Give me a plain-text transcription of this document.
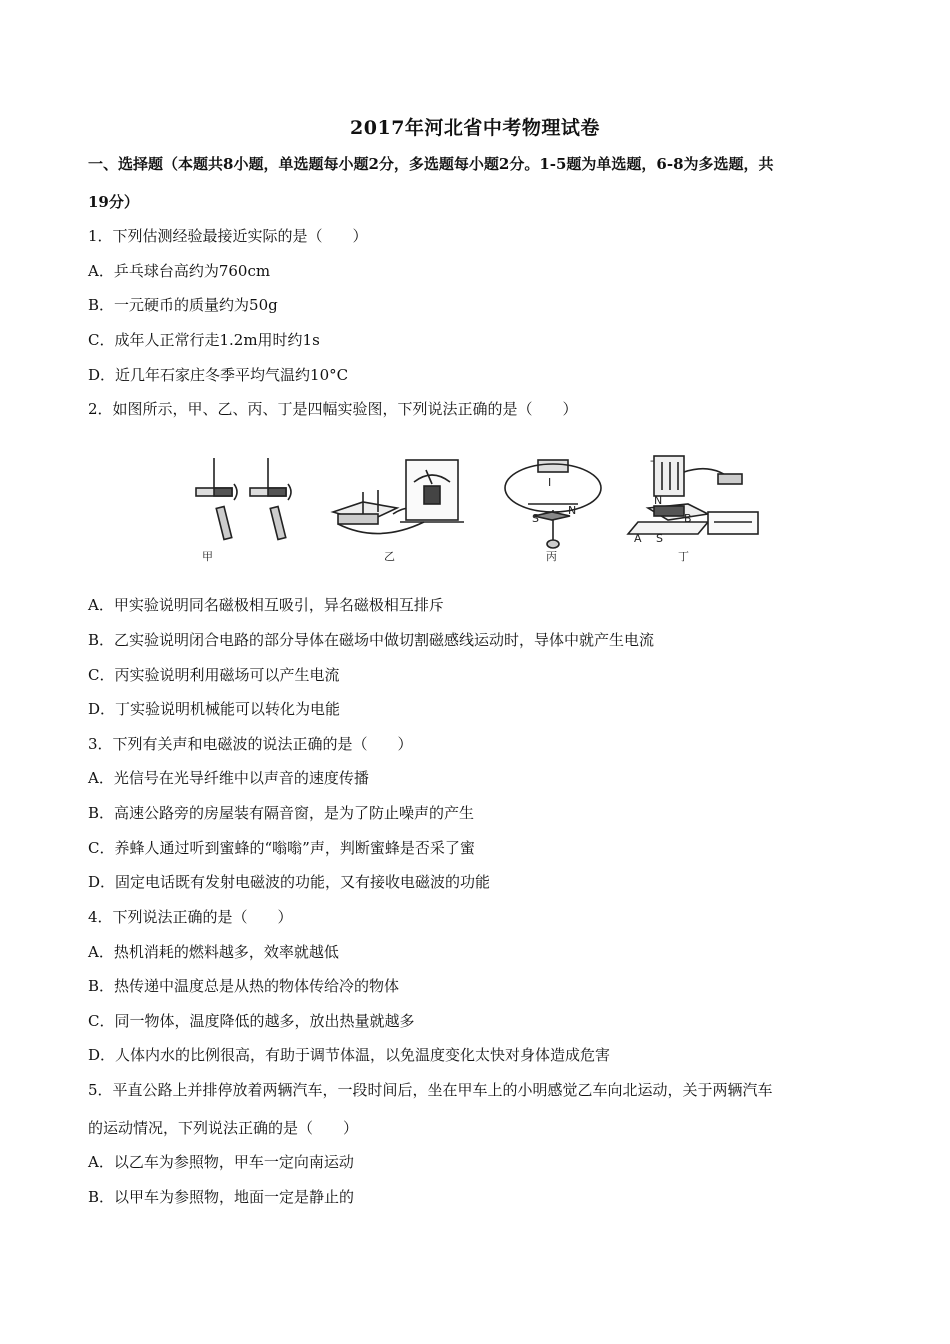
2017年河北省中考物理试卷
一、选择题（本题共8小题，单选题每小题2分，多选题每小题2分。1-5题为单选题，6-8为多选题，共
19分）
1．下列估测经验最接近实际的是（　　）
A．乒乓球台高约为760cm
B．一元硬币的质量约为50g
C．成年人正常行走1.2m用时约1s
D．近几年石家庄冬季平均气温约10°C
2．如图所示，甲、乙、丙、丁是四幅实验图，下列说法正确的是（　　）
I
N
S
N
A S
B
-
甲	乙	丙	丁
A．甲实验说明同名磁极相互吸引，异名磁极相互排斥
B．乙实验说明闭合电路的部分导体在磁场中做切割磁感线运动时，导体中就产生电流
C．丙实验说明利用磁场可以产生电流
D．丁实验说明机械能可以转化为电能
3．下列有关声和电磁波的说法正确的是（　　）
A．光信号在光导纤维中以声音的速度传播
B．高速公路旁的房屋装有隔音窗，是为了防止噪声的产生
C．养蜂人通过听到蜜蜂的“嗡嗡”声，判断蜜蜂是否采了蜜
D．固定电话既有发射电磁波的功能，又有接收电磁波的功能
4．下列说法正确的是（　　）
A．热机消耗的燃料越多，效率就越低
B．热传递中温度总是从热的物体传给冷的物体
C．同一物体，温度降低的越多，放出热量就越多
D．人体内水的比例很高，有助于调节体温，以免温度变化太快对身体造成危害
5．平直公路上并排停放着两辆汽车，一段时间后，坐在甲车上的小明感觉乙车向北运动，关于两辆汽车
的运动情况，下列说法正确的是（　　）
A．以乙车为参照物，甲车一定向南运动
B．以甲车为参照物，地面一定是静止的
